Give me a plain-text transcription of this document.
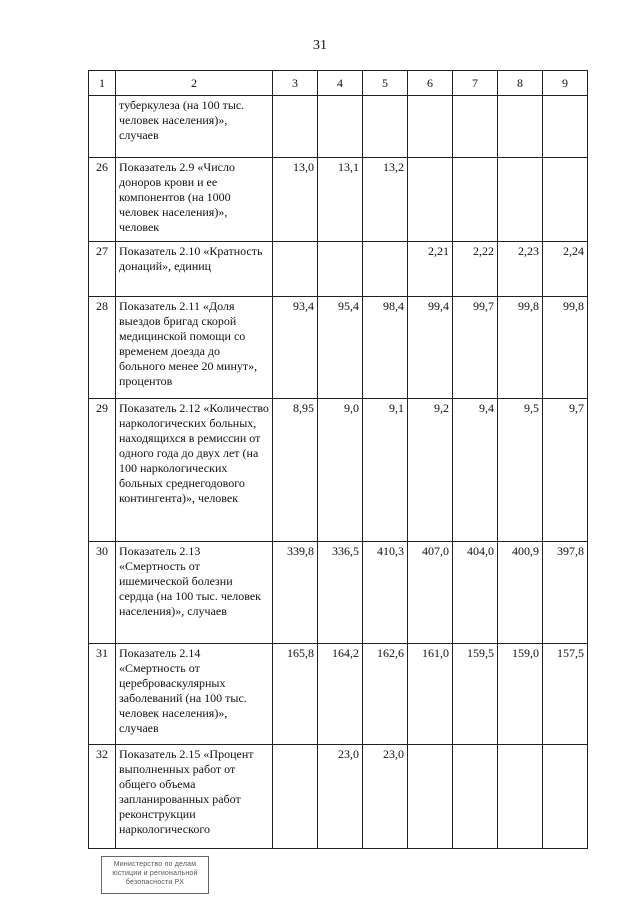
31
1	2	3	4	5	6	7	8	9
	туберкулеза (на 100 тыс. человек населения)», случаев							
26	Показатель 2.9 «Число доноров крови и ее компонентов (на 1000 человек населения)», человек	13,0	13,1	13,2				
27	Показатель 2.10 «Кратность донаций», единиц				2,21	2,22	2,23	2,24
28	Показатель 2.11 «Доля выездов бригад скорой медицинской помощи со временем доезда до больного менее 20 минут», процентов	93,4	95,4	98,4	99,4	99,7	99,8	99,8
29	Показатель 2.12 «Количество наркологических больных, находящихся в ремиссии от одного года до двух лет (на 100 наркологических больных среднегодового контингента)», человек	8,95	9,0	9,1	9,2	9,4	9,5	9,7
30	Показатель 2.13 «Смертность от ишемической болезни сердца (на 100 тыс. человек населения)», случаев	339,8	336,5	410,3	407,0	404,0	400,9	397,8
31	Показатель 2.14 «Смертность от цереброваскулярных заболеваний (на 100 тыс. человек населения)», случаев	165,8	164,2	162,6	161,0	159,5	159,0	157,5
32	Показатель 2.15 «Процент выполненных работ от общего объема запланированных работ реконструкции наркологического		23,0	23,0				
Министерство по делам
юстиции и региональной
безопасности РХ
